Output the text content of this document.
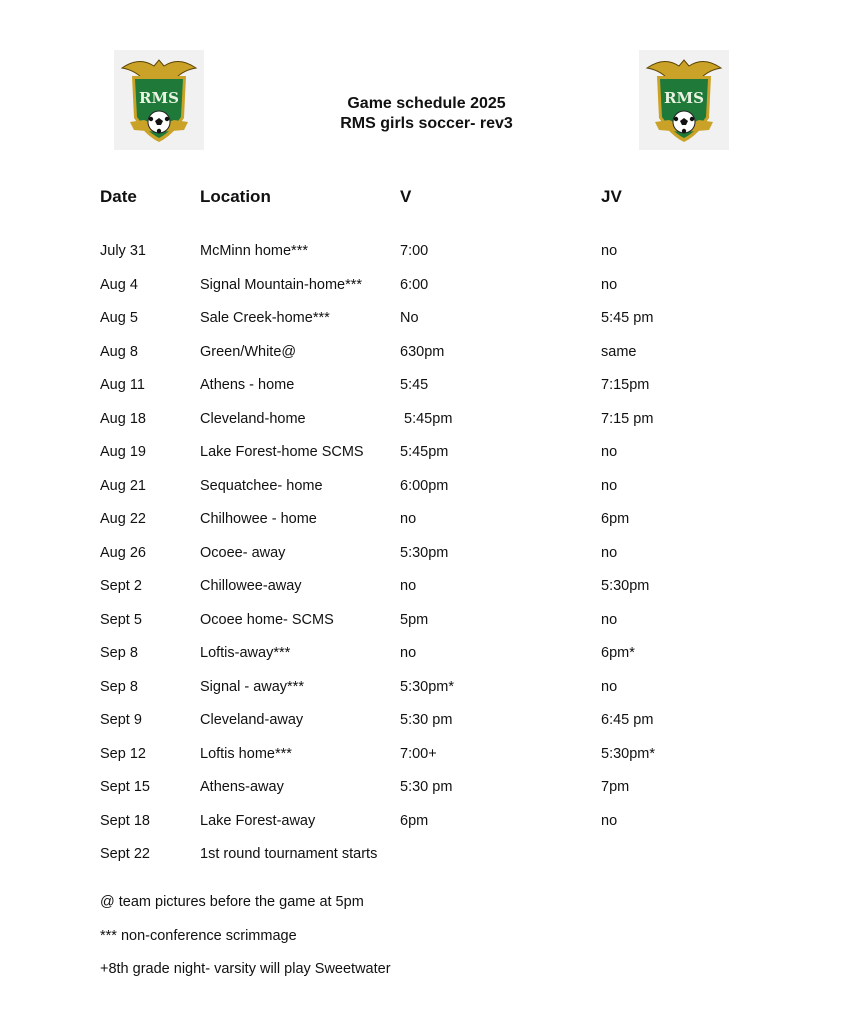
RMS	RMS
Game schedule 2025
RMS girls soccer- rev3
Date	Location	V	JV
July 31	McMinn home***	7:00	no
Aug 4	Signal Mountain-home***	6:00	no
Aug 5	Sale Creek-home***	No	5:45 pm
Aug 8	Green/White@	630pm	same
Aug 11	Athens - home	5:45	7:15pm
Aug 18	Cleveland-home	5:45pm	7:15 pm
Aug 19	Lake Forest-home SCMS	5:45pm	no
Aug 21	Sequatchee- home	6:00pm	no
Aug 22	Chilhowee - home	no	6pm
Aug 26	Ocoee- away	5:30pm	no
Sept 2	Chillowee-away	no	5:30pm
Sept 5	Ocoee home- SCMS	5pm	no
Sep 8	Loftis-away***	no	6pm*
Sep 8	Signal - away***	5:30pm*	no
Sept 9	Cleveland-away	5:30 pm	6:45 pm
Sep 12	Loftis home***	7:00+	5:30pm*
Sept 15	Athens-away	5:30 pm	7pm
Sept 18	Lake Forest-away	6pm	no
Sept 22	1st round tournament starts
@ team pictures before the game at 5pm
*** non-conference scrimmage
+8th grade night- varsity will play Sweetwater
